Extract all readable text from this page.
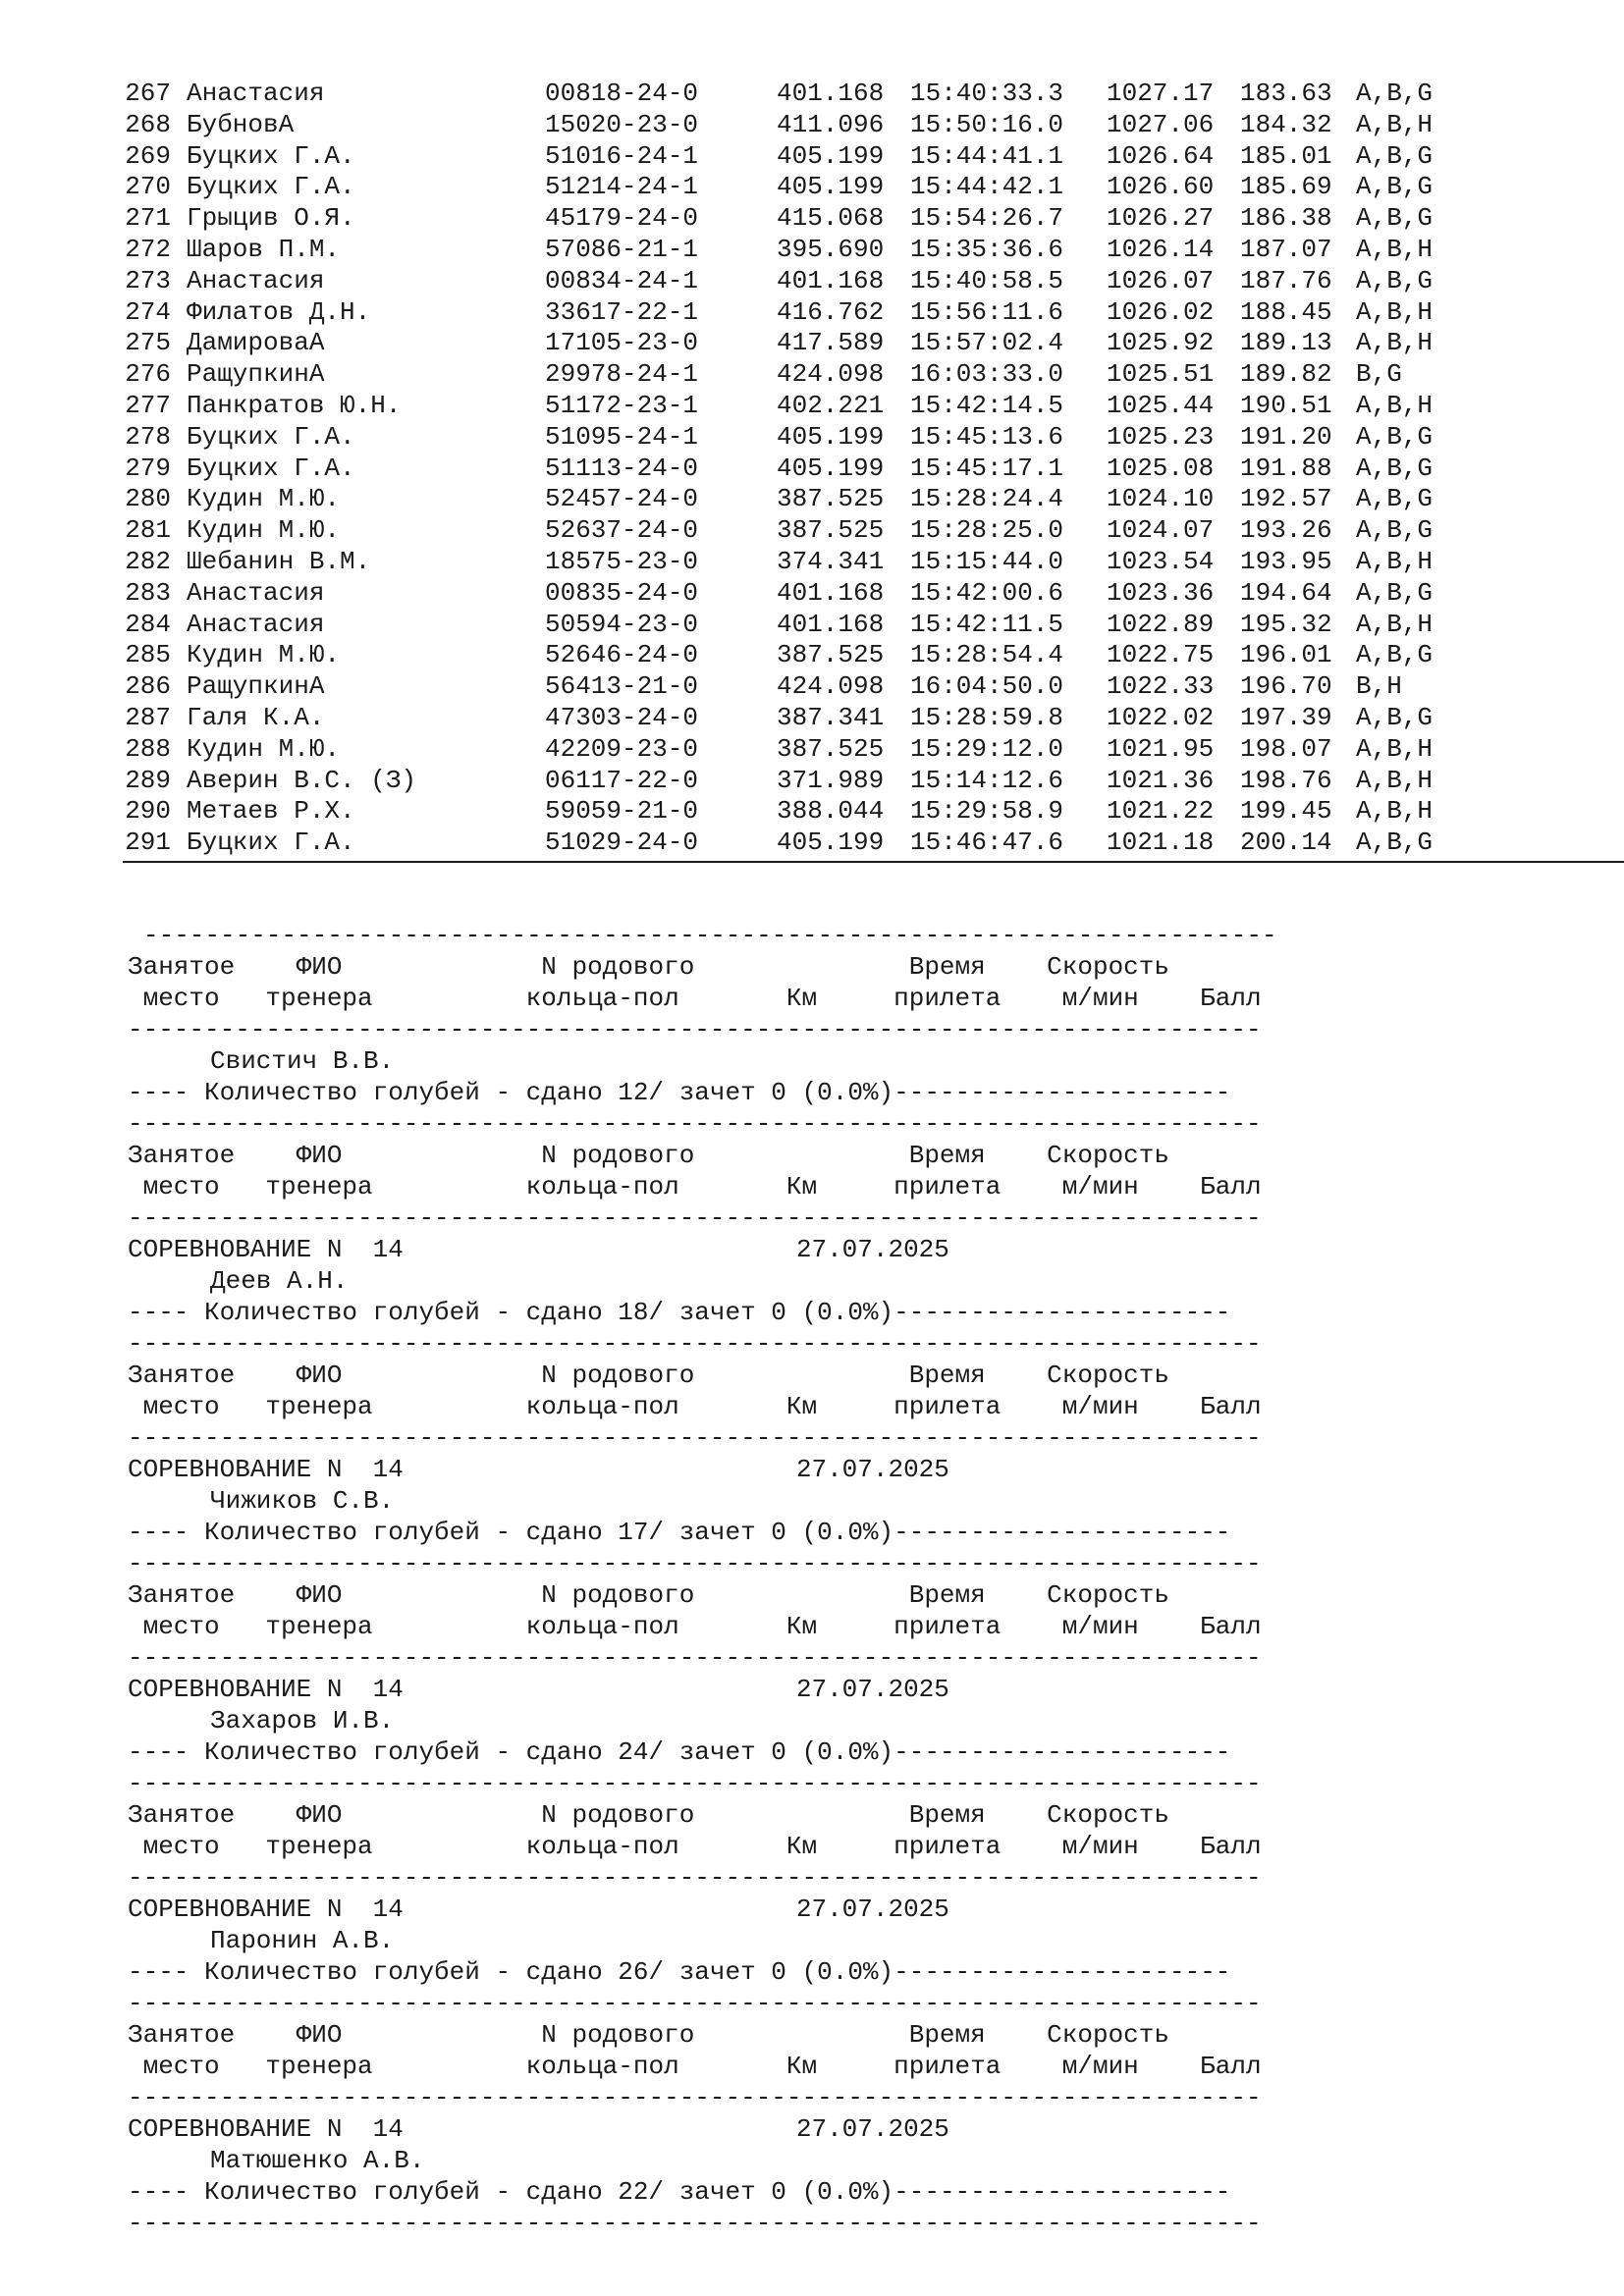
267 Анастасия	00818-24-0	401.168	15:40:33.3	1027.17	183.63 A,B,G
268 БубновА	15020-23-0	411.096	15:50:16.0	1027.06	184.32 A,B,H
269 Буцких Г.А.	51016-24-1	405.199	15:44:41.1	1026.64	185.01 A,B,G
270 Буцких Г.А.	51214-24-1	405.199	15:44:42.1	1026.60	185.69 A,B,G
271 Грыцив О.Я.	45179-24-0	415.068	15:54:26.7	1026.27	186.38 A,B,G
272 Шаров П.М.	57086-21-1	395.690	15:35:36.6	1026.14	187.07 A,B,H
273 Анастасия	00834-24-1	401.168	15:40:58.5	1026.07	187.76 A,B,G
274 Филатов Д.Н.	33617-22-1	416.762	15:56:11.6	1026.02	188.45 A,B,H
275 ДамироваА	17105-23-0	417.589	15:57:02.4	1025.92	189.13 A,B,H
276 РащупкинА	29978-24-1	424.098	16:03:33.0	1025.51	189.82 B,G
277 Панкратов Ю.Н.	51172-23-1	402.221	15:42:14.5	1025.44	190.51 A,B,H
278 Буцких Г.А.	51095-24-1	405.199	15:45:13.6	1025.23	191.20 A,B,G
279 Буцких Г.А.	51113-24-0	405.199	15:45:17.1	1025.08	191.88 A,B,G
280 Кудин М.Ю.	52457-24-0	387.525	15:28:24.4	1024.10	192.57 A,B,G
281 Кудин М.Ю.	52637-24-0	387.525	15:28:25.0	1024.07	193.26 A,B,G
282 Шебанин В.М.	18575-23-0	374.341	15:15:44.0	1023.54	193.95 A,B,H
283 Анастасия	00835-24-0	401.168	15:42:00.6	1023.36	194.64 A,B,G
284 Анастасия	50594-23-0	401.168	15:42:11.5	1022.89	195.32 A,B,H
285 Кудин М.Ю.	52646-24-0	387.525	15:28:54.4	1022.75	196.01 A,B,G
286 РащупкинА	56413-21-0	424.098	16:04:50.0	1022.33	196.70 B,H
287 Галя К.А.	47303-24-0	387.341	15:28:59.8	1022.02	197.39 A,B,G
288 Кудин М.Ю.	42209-23-0	387.525	15:29:12.0	1021.95	198.07 A,B,H
289 Аверин В.С. (З)	06117-22-0	371.989	15:14:12.6	1021.36	198.76 A,B,H
290 Метаев Р.Х.	59059-21-0	388.044	15:29:58.9	1021.22	199.45 A,B,H
291 Буцких Г.А.	51029-24-0	405.199	15:46:47.6	1021.18	200.14 A,B,G
--------------------------------------------------------------------------
Занятое    ФИО             N родового              Время    Скорость
место   тренера          кольца-пол       Км     прилета    м/мин    Балл
--------------------------------------------------------------------------
Свистич В.В.
---- Количество голубей - сдано 12/ зачет 0 (0.0%)----------------------
--------------------------------------------------------------------------
Занятое    ФИО             N родового              Время    Скорость
место   тренера          кольца-пол       Км     прилета    м/мин    Балл
--------------------------------------------------------------------------
СОРЕВНОВАНИЕ N  14	27.07.2025
Деев А.Н.
---- Количество голубей - сдано 18/ зачет 0 (0.0%)----------------------
--------------------------------------------------------------------------
Занятое    ФИО             N родового              Время    Скорость
место   тренера          кольца-пол       Км     прилета    м/мин    Балл
--------------------------------------------------------------------------
СОРЕВНОВАНИЕ N  14	27.07.2025
Чижиков С.В.
---- Количество голубей - сдано 17/ зачет 0 (0.0%)----------------------
--------------------------------------------------------------------------
Занятое    ФИО             N родового              Время    Скорость
место   тренера          кольца-пол       Км     прилета    м/мин    Балл
--------------------------------------------------------------------------
СОРЕВНОВАНИЕ N  14	27.07.2025
Захаров И.В.
---- Количество голубей - сдано 24/ зачет 0 (0.0%)----------------------
--------------------------------------------------------------------------
Занятое    ФИО             N родового              Время    Скорость
место   тренера          кольца-пол       Км     прилета    м/мин    Балл
--------------------------------------------------------------------------
СОРЕВНОВАНИЕ N  14	27.07.2025
Паронин А.В.
---- Количество голубей - сдано 26/ зачет 0 (0.0%)----------------------
--------------------------------------------------------------------------
Занятое    ФИО             N родового              Время    Скорость
место   тренера          кольца-пол       Км     прилета    м/мин    Балл
--------------------------------------------------------------------------
СОРЕВНОВАНИЕ N  14	27.07.2025
Матюшенко А.В.
---- Количество голубей - сдано 22/ зачет 0 (0.0%)----------------------
--------------------------------------------------------------------------
